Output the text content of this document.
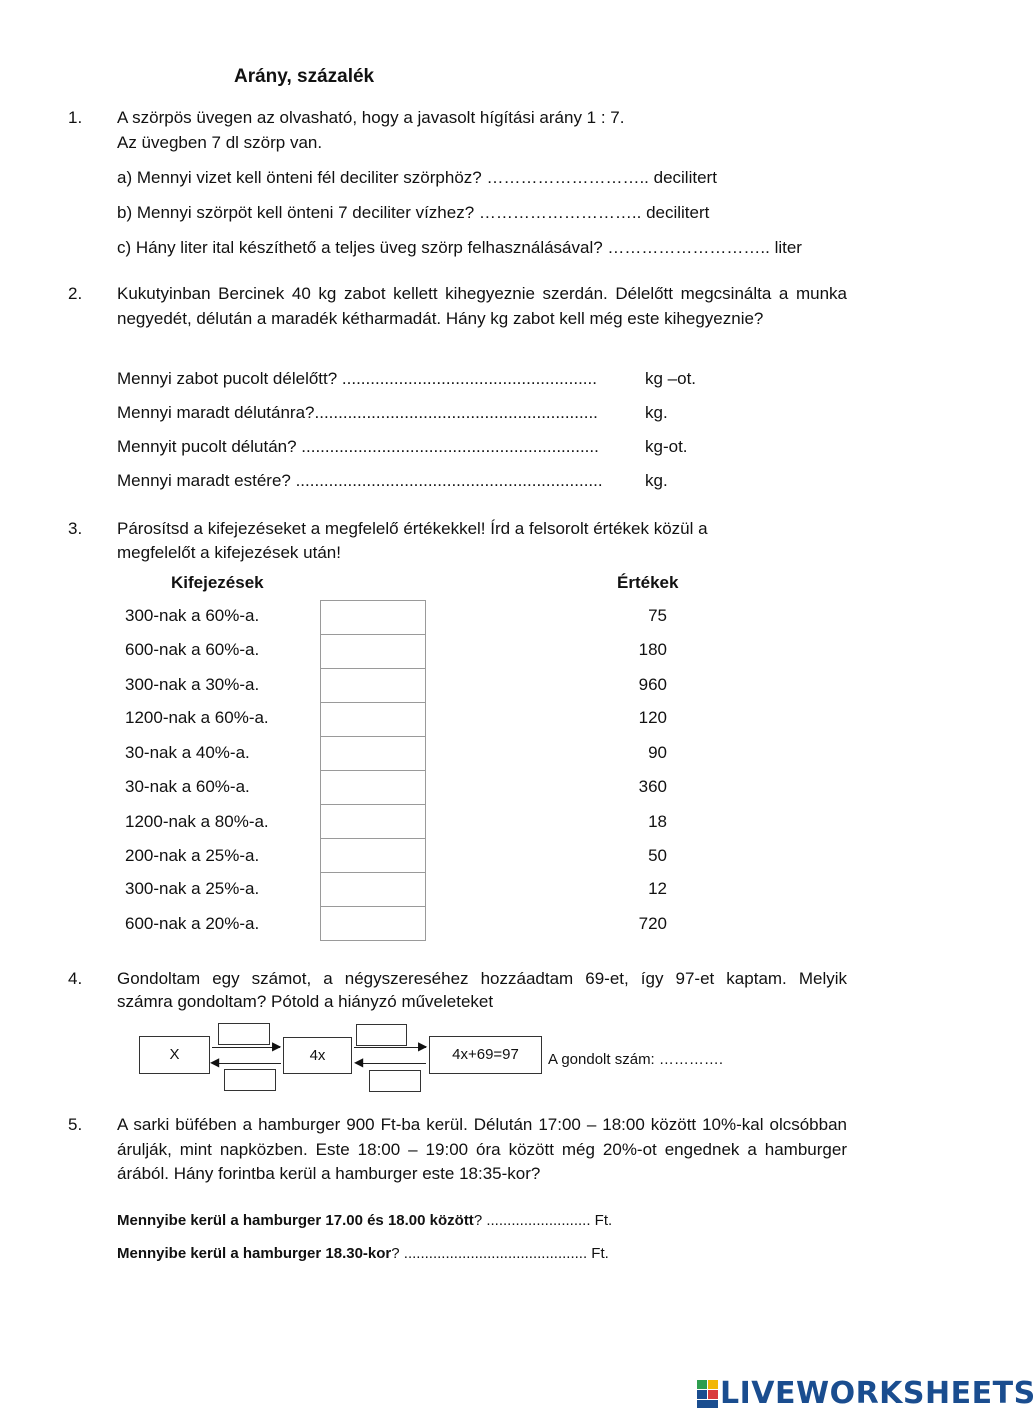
Arány, százalék
1. A szörpös üvegen az olvasható, hogy a javasolt hígítási arány 1 : 7.
Az üvegben 7 dl szörp van.
a) Mennyi vizet kell önteni fél deciliter szörphöz? ……………………….. decilitert
b) Mennyi szörpöt kell önteni 7 deciliter vízhez? ……………………….. decilitert
c) Hány liter ital készíthető a teljes üveg szörp felhasználásával? ……………………….. liter
2. Kukutyinban Bercinek 40 kg zabot kellett kihegyeznie szerdán. Délelőtt megcsinálta a munka negyedét, délután a maradék kétharmadát. Hány kg zabot kell még este kihegyeznie?
Mennyi zabot pucolt délelőtt? ......................................................	kg –ot.
Mennyi maradt délutánra?............................................................	kg.
Mennyit pucolt délután? ...............................................................	kg-ot.
Mennyi maradt estére? ................................................................. kg.
3. Párosítsd a kifejezéseket a megfelelő értékekkel! Írd a felsorolt értékek közül a
megfelelőt a kifejezések után!
Kifejezések	Értékek
300-nak a 60%-a.	75
600-nak a 60%-a.	180
300-nak a 30%-a.	960
1200-nak a 60%-a.	120
30-nak a 40%-a.	90
30-nak a 60%-a.	360
1200-nak a 80%-a.	18
200-nak a 25%-a.	50
300-nak a 25%-a.	12
600-nak a 20%-a.	720
4. Gondoltam egy számot, a négyszereséhez hozzáadtam 69-et, így 97-et kaptam. Melyik
számra gondoltam? Pótold a hiányzó műveleteket
X	4x	4x+69=97
▶
◀
▶
◀	A gondolt szám: ………….
5. A sarki büfében a hamburger 900 Ft-ba kerül. Délután 17:00 – 18:00 között 10%-kal olcsóbban árulják, mint napközben. Este 18:00 – 19:00 óra között még 20%-ot engednek a hamburger árából. Hány forintba kerül a hamburger este 18:35-kor?
Mennyibe kerül a hamburger 17.00 és 18.00 között? ......................... Ft.
Mennyibe kerül a hamburger 18.30-kor? ............................................ Ft.
LIVEWORKSHEETS
